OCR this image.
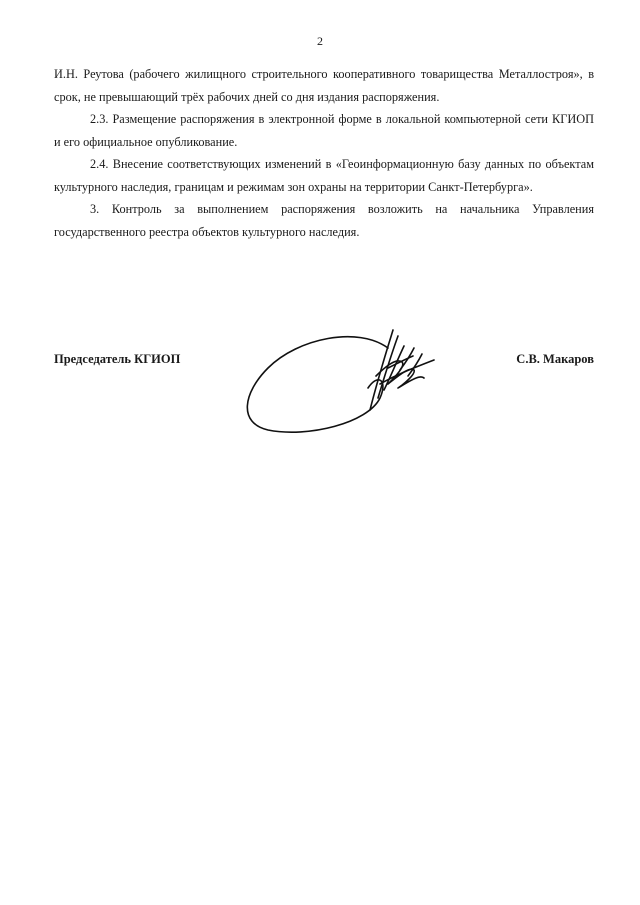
2

И.Н. Реутова (рабочего жилищного строительного кооперативного товарищества Металлостроя», в срок, не превышающий трёх рабочих дней со дня издания распоряжения.

2.3. Размещение распоряжения в электронной форме в локальной компьютерной сети КГИОП и его официальное опубликование.

2.4. Внесение соответствующих изменений в «Геоинформационную базу данных по объектам культурного наследия, границам и режимам зон охраны на территории Санкт-Петербурга».

3. Контроль за выполнением распоряжения возложить на начальника Управления государственного реестра объектов культурного наследия.

Председатель КГИОП	С.В. Макаров
